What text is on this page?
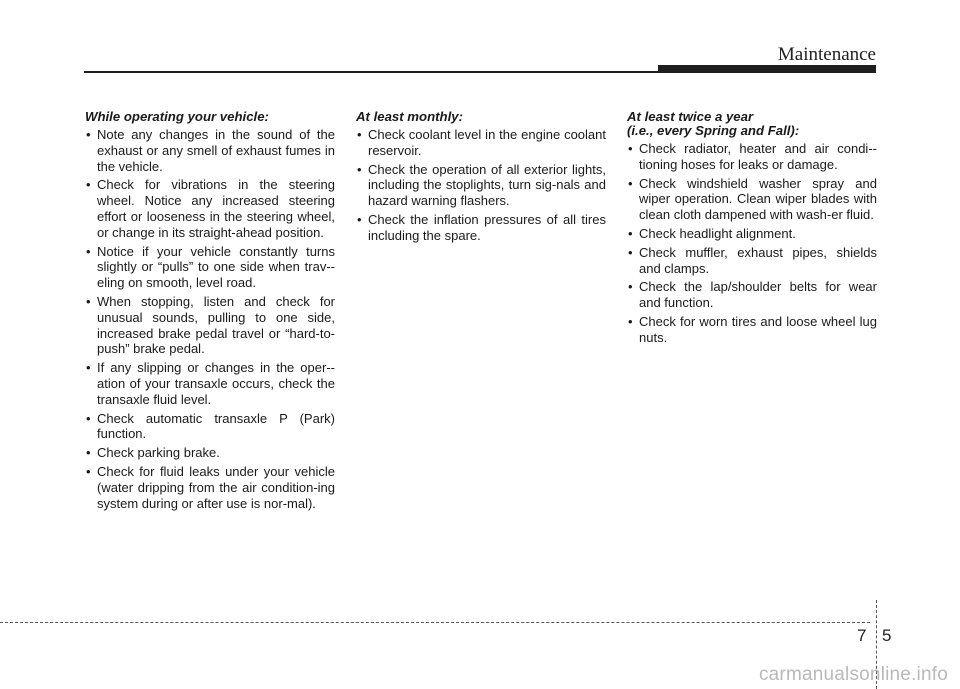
Maintenance
While operating your vehicle:
• Note any changes in the sound of the exhaust or any smell of exhaust fumes in the vehicle.
• Check for vibrations in the steering wheel. Notice any increased steering effort or looseness in the steering wheel, or change in its straight-ahead position.
• Notice if your vehicle constantly turns slightly or “pulls” to one side when trav-eling on smooth, level road.
• When stopping, listen and check for unusual sounds, pulling to one side, increased brake pedal travel or “hard-to-push” brake pedal.
• If any slipping or changes in the oper-ation of your transaxle occurs, check the transaxle fluid level.
• Check automatic transaxle P (Park) function.
• Check parking brake.
• Check for fluid leaks under your vehicle (water dripping from the air condition-ing system during or after use is nor-mal).
At least monthly:
• Check coolant level in the engine coolant reservoir.
• Check the operation of all exterior lights, including the stoplights, turn sig-nals and hazard warning flashers.
• Check the inflation pressures of all tires including the spare.
At least twice a year
(i.e., every Spring and Fall):
• Check radiator, heater and air condi-tioning hoses for leaks or damage.
• Check windshield washer spray and wiper operation. Clean wiper blades with clean cloth dampened with wash-er fluid.
• Check headlight alignment.
• Check muffler, exhaust pipes, shields and clamps.
• Check the lap/shoulder belts for wear and function.
• Check for worn tires and loose wheel lug nuts.
7 5
carmanualsonline.info
